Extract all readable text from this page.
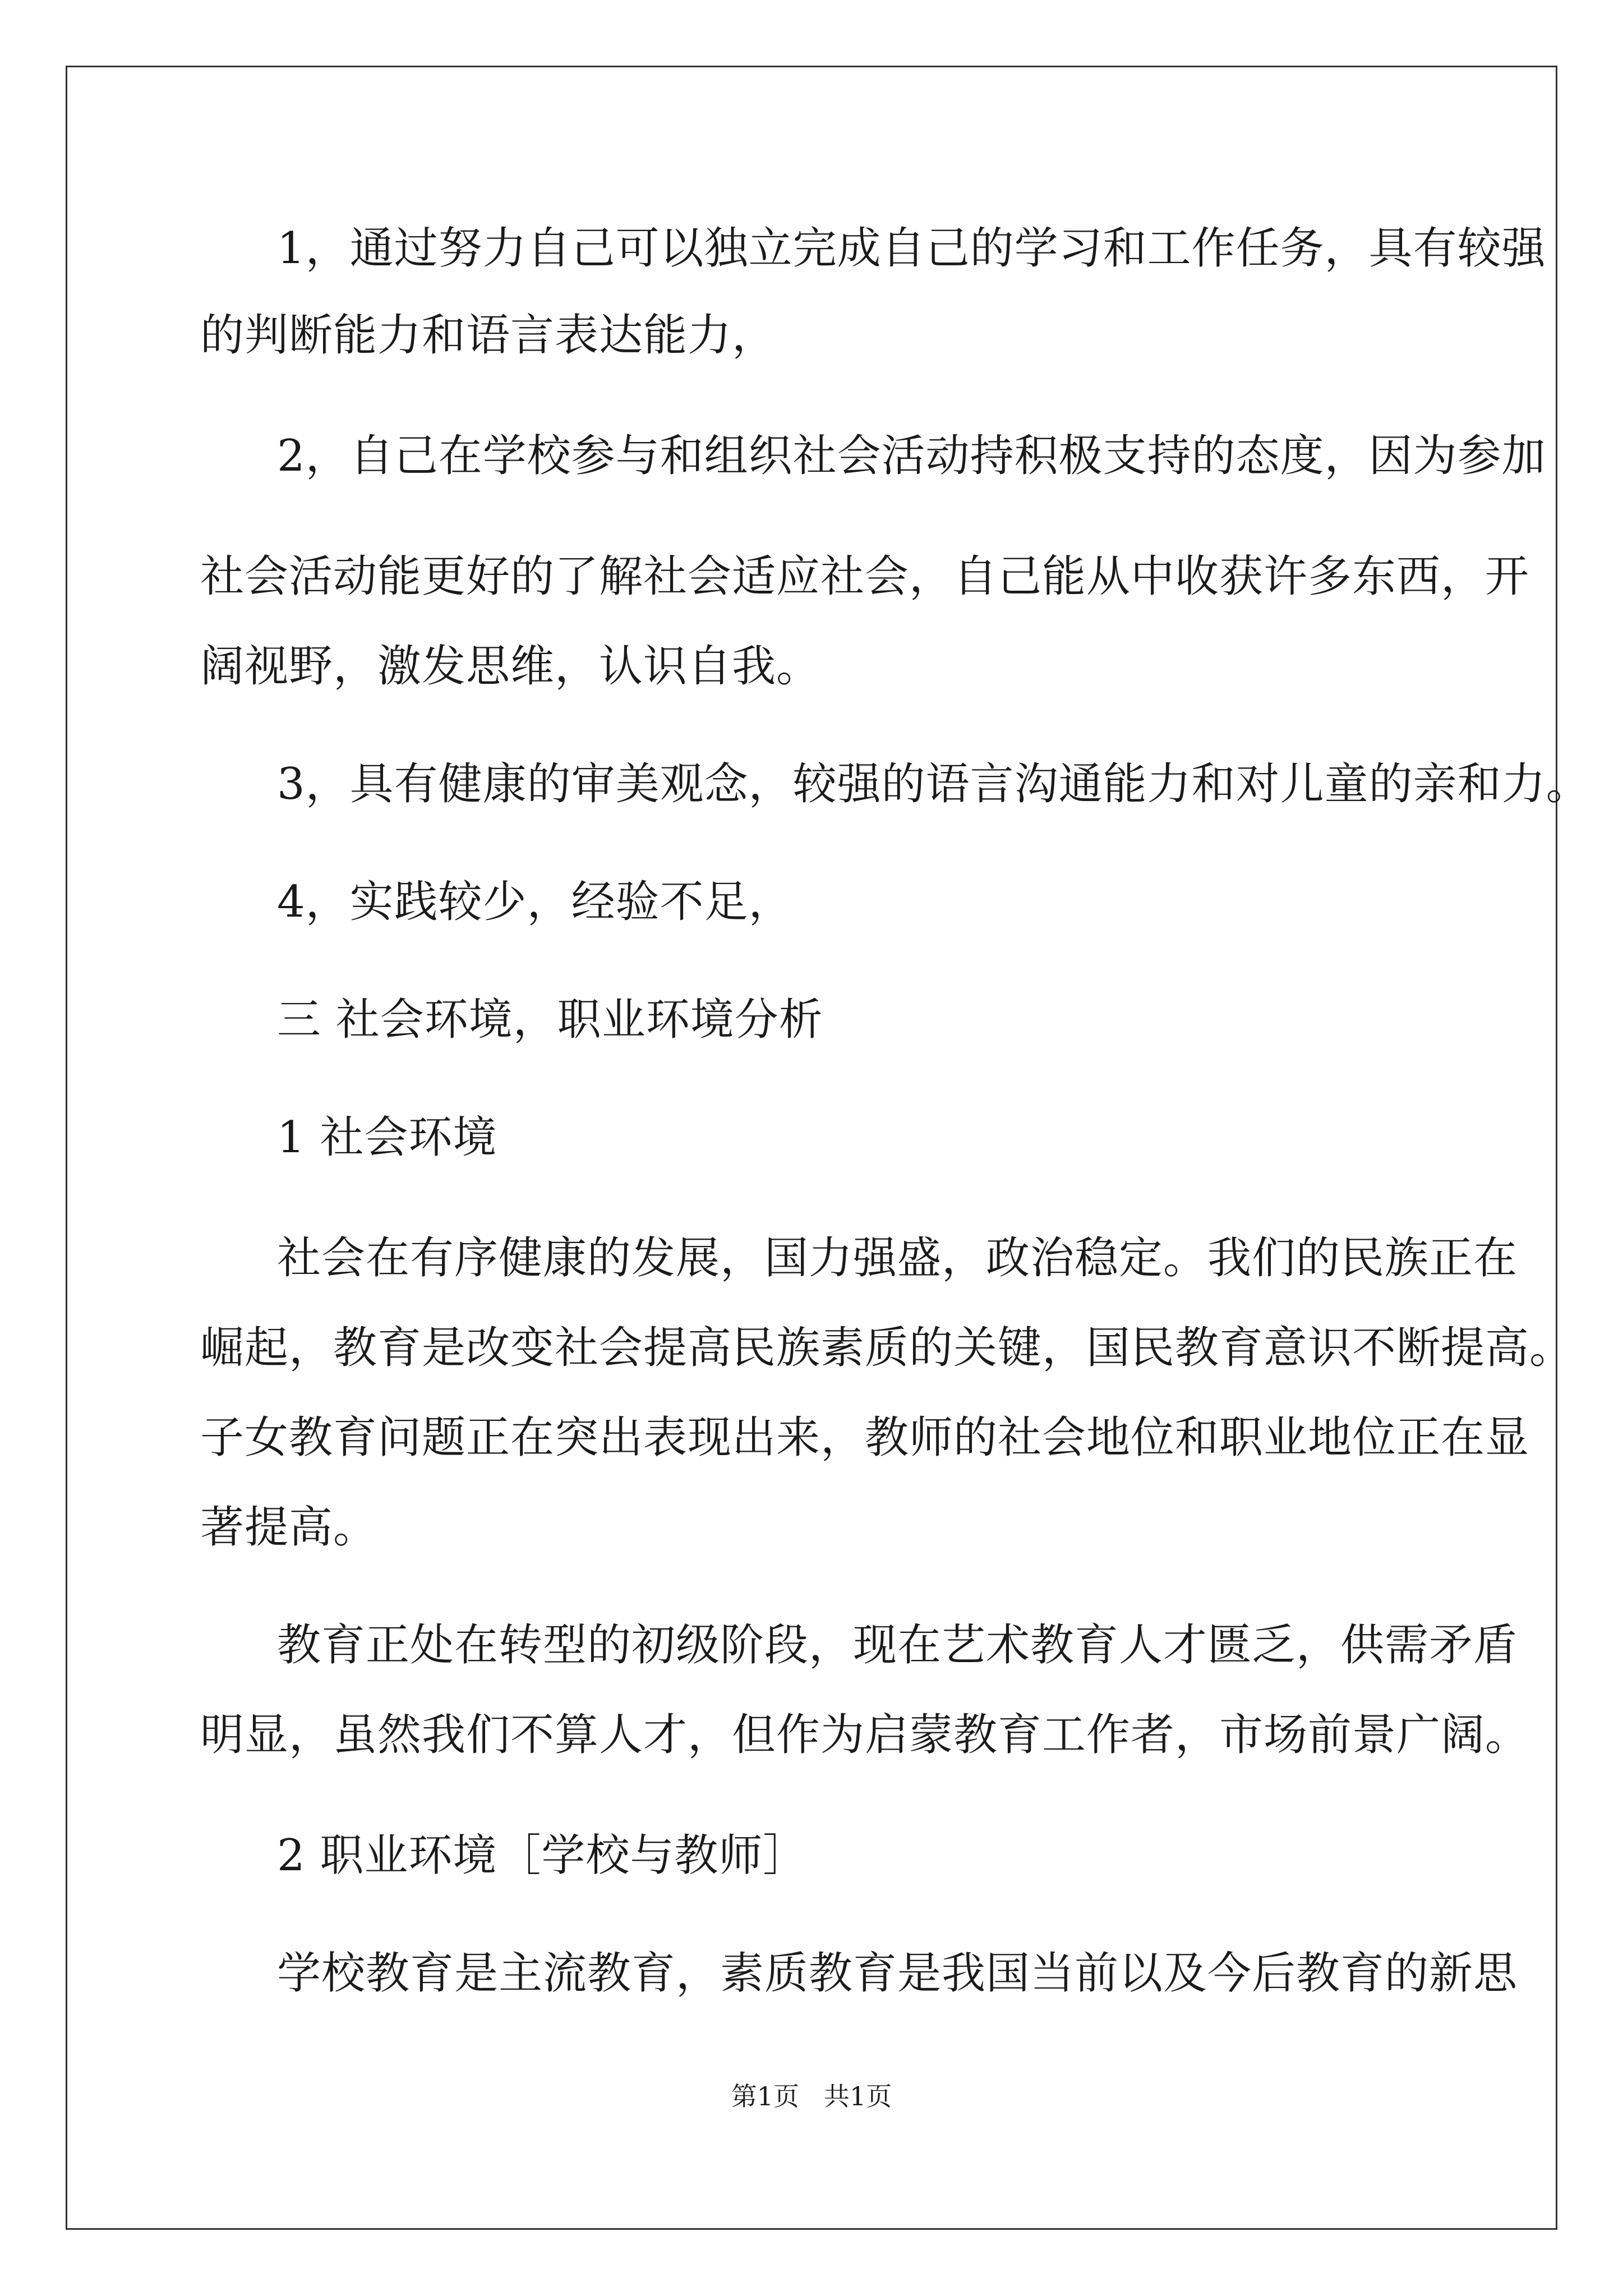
1，通过努力自己可以独立完成自己的学习和工作任务，具有较强
的判断能力和语言表达能力，
2，自己在学校参与和组织社会活动持积极支持的态度，因为参加
社会活动能更好的了解社会适应社会，自己能从中收获许多东西，开
阔视野，激发思维，认识自我。
3，具有健康的审美观念，较强的语言沟通能力和对儿童的亲和力。
4，实践较少，经验不足，
三 社会环境，职业环境分析
1 社会环境
社会在有序健康的发展，国力强盛，政治稳定。我们的民族正在
崛起，教育是改变社会提高民族素质的关键，国民教育意识不断提高。
子女教育问题正在突出表现出来，教师的社会地位和职业地位正在显
著提高。
教育正处在转型的初级阶段，现在艺术教育人才匮乏，供需矛盾
明显，虽然我们不算人才，但作为启蒙教育工作者，市场前景广阔。
2 职业环境［学校与教师］
学校教育是主流教育，素质教育是我国当前以及今后教育的新思
第1页   共1页
